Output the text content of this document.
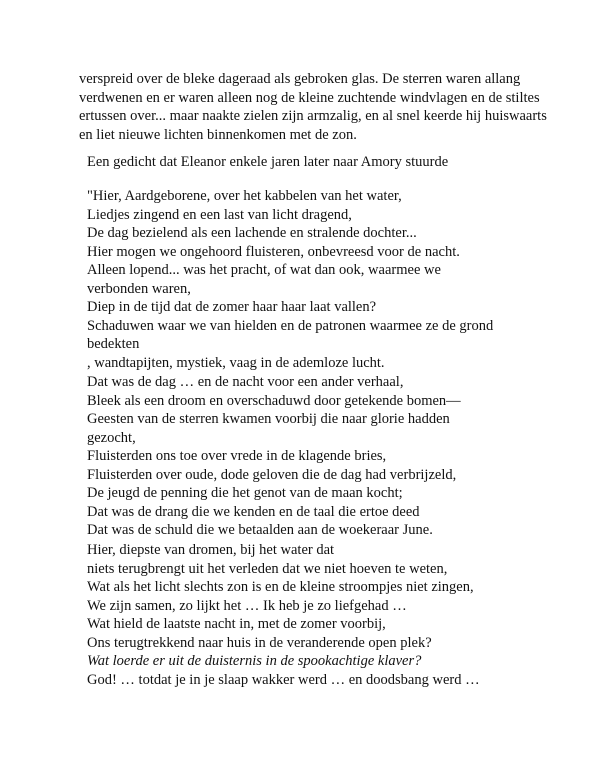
verspreid over de bleke dageraad als gebroken glas. De sterren waren allang verdwenen en er waren alleen nog de kleine zuchtende windvlagen en de stiltes ertussen over... maar naakte zielen zijn armzalig, en al snel keerde hij huiswaarts en liet nieuwe lichten binnenkomen met de zon.

Een gedicht dat Eleanor enkele jaren later naar Amory stuurde

"Hier, Aardgeborene, over het kabbelen van het water,
Liedjes zingend en een last van licht dragend,
De dag bezielend als een lachende en stralende dochter...
Hier mogen we ongehoord fluisteren, onbevreesd voor de nacht.
Alleen lopend... was het pracht, of wat dan ook, waarmee we
verbonden waren,
Diep in de tijd dat de zomer haar haar laat vallen?
Schaduwen waar we van hielden en de patronen waarmee ze de grond
bedekten
, wandtapijten, mystiek, vaag in de ademloze lucht.
Dat was de dag … en de nacht voor een ander verhaal,
Bleek als een droom en overschaduwd door getekende bomen—
Geesten van de sterren kwamen voorbij die naar glorie hadden
gezocht,
Fluisterden ons toe over vrede in de klagende bries,
Fluisterden over oude, dode geloven die de dag had verbrijzeld,
De jeugd de penning die het genot van de maan kocht;
Dat was de drang die we kenden en de taal die ertoe deed
Dat was de schuld die we betaalden aan de woekeraar June.
Hier, diepste van dromen, bij het water dat
niets terugbrengt uit het verleden dat we niet hoeven te weten,
Wat als het licht slechts zon is en de kleine stroompjes niet zingen,
We zijn samen, zo lijkt het … Ik heb je zo liefgehad …
Wat hield de laatste nacht in, met de zomer voorbij,
Ons terugtrekkend naar huis in de veranderende open plek?
Wat loerde er uit de duisternis in de spookachtige klaver?
God! … totdat je in je slaap wakker werd … en doodsbang werd …
